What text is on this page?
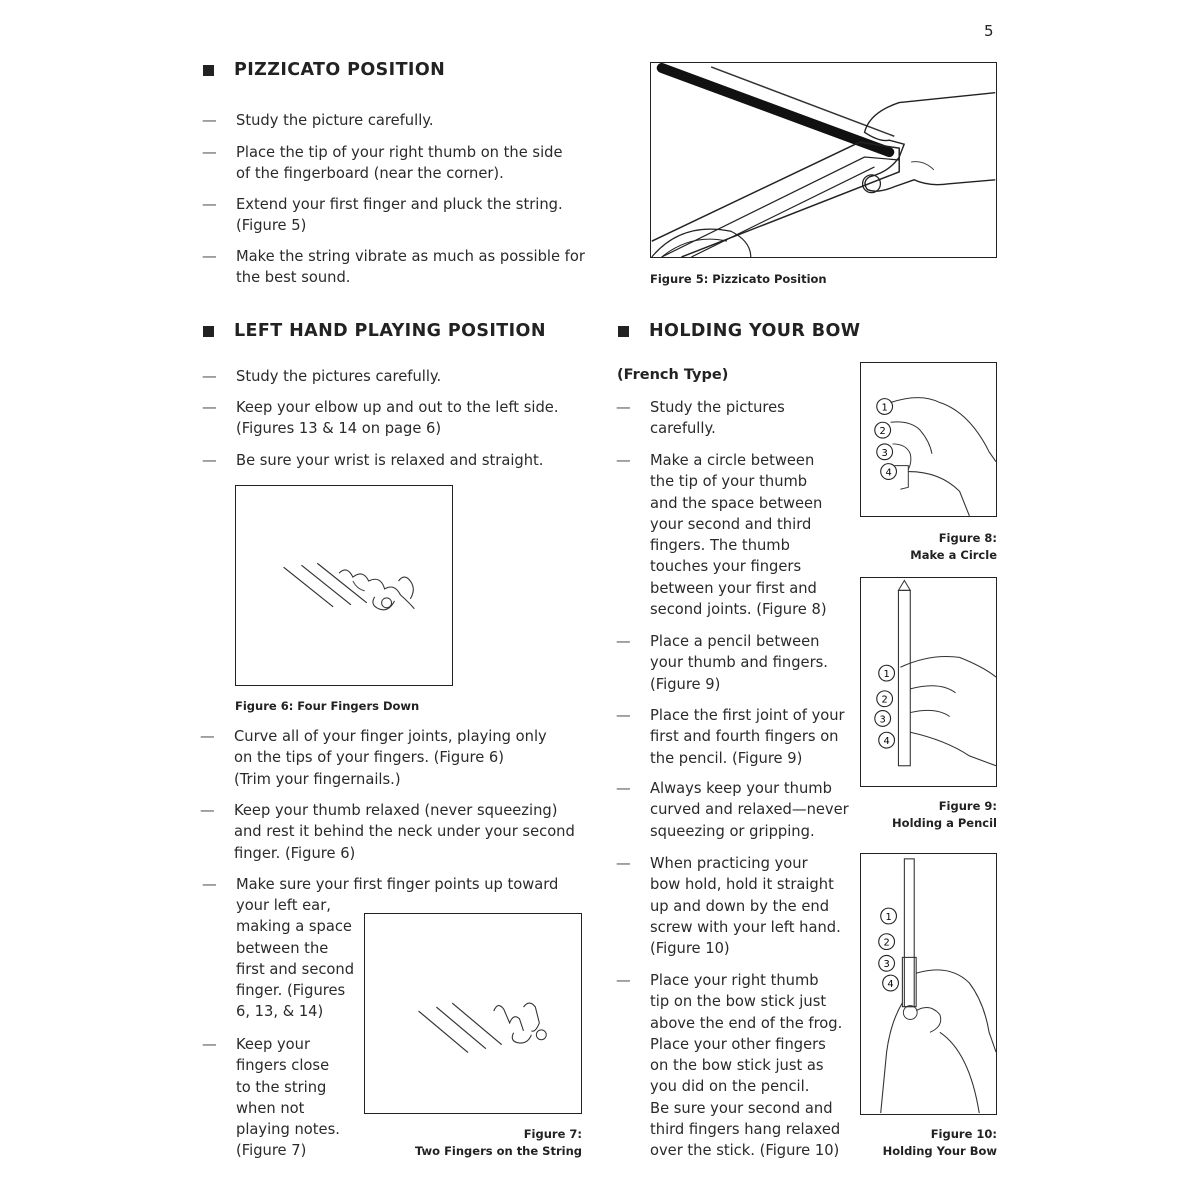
5
PIZZICATO POSITION
— Study the picture carefully.
— Place the tip of your right thumb on the side
of the fingerboard (near the corner).
— Extend your first finger and pluck the string.
(Figure 5)
— Make the string vibrate as much as possible for
the best sound.	Figure 5: Pizzicato Position
LEFT HAND PLAYING POSITION
— Study the pictures carefully.
— Keep your elbow up and out to the left side.
(Figures 13 & 14 on page 6)
— Be sure your wrist is relaxed and straight.
Figure 6: Four Fingers Down
— Curve all of your finger joints, playing only
on the tips of your fingers. (Figure 6)
(Trim your fingernails.)
— Keep your thumb relaxed (never squeezing)
and rest it behind the neck under your second
finger. (Figure 6)
— Make sure your first finger points up toward
your left ear,
making a space
between the
first and second
finger. (Figures
6, 13, & 14)
— Keep your
fingers close
to the string
when not
playing notes.
(Figure 7)
Figure 7:
Two Fingers on the String
HOLDING YOUR BOW
(French Type)
— Study the pictures
carefully.
— Make a circle between
the tip of your thumb
and the space between
your second and third
fingers. The thumb
touches your fingers
between your first and
second joints. (Figure 8)
— Place a pencil between
your thumb and fingers.
(Figure 9)
— Place the first joint of your
first and fourth fingers on
the pencil. (Figure 9)
— Always keep your thumb
curved and relaxed—never
squeezing or gripping.
— When practicing your
bow hold, hold it straight
up and down by the end
screw with your left hand.
(Figure 10)
— Place your right thumb
tip on the bow stick just
above the end of the frog.
Place your other fingers
on the bow stick just as
you did on the pencil.
Be sure your second and
third fingers hang relaxed
over the stick. (Figure 10)
1
2
3
4
Figure 8:
Make a Circle
1
2
3
4
Figure 9:
Holding a Pencil
1
2
3
4
Figure 10:
Holding Your Bow
